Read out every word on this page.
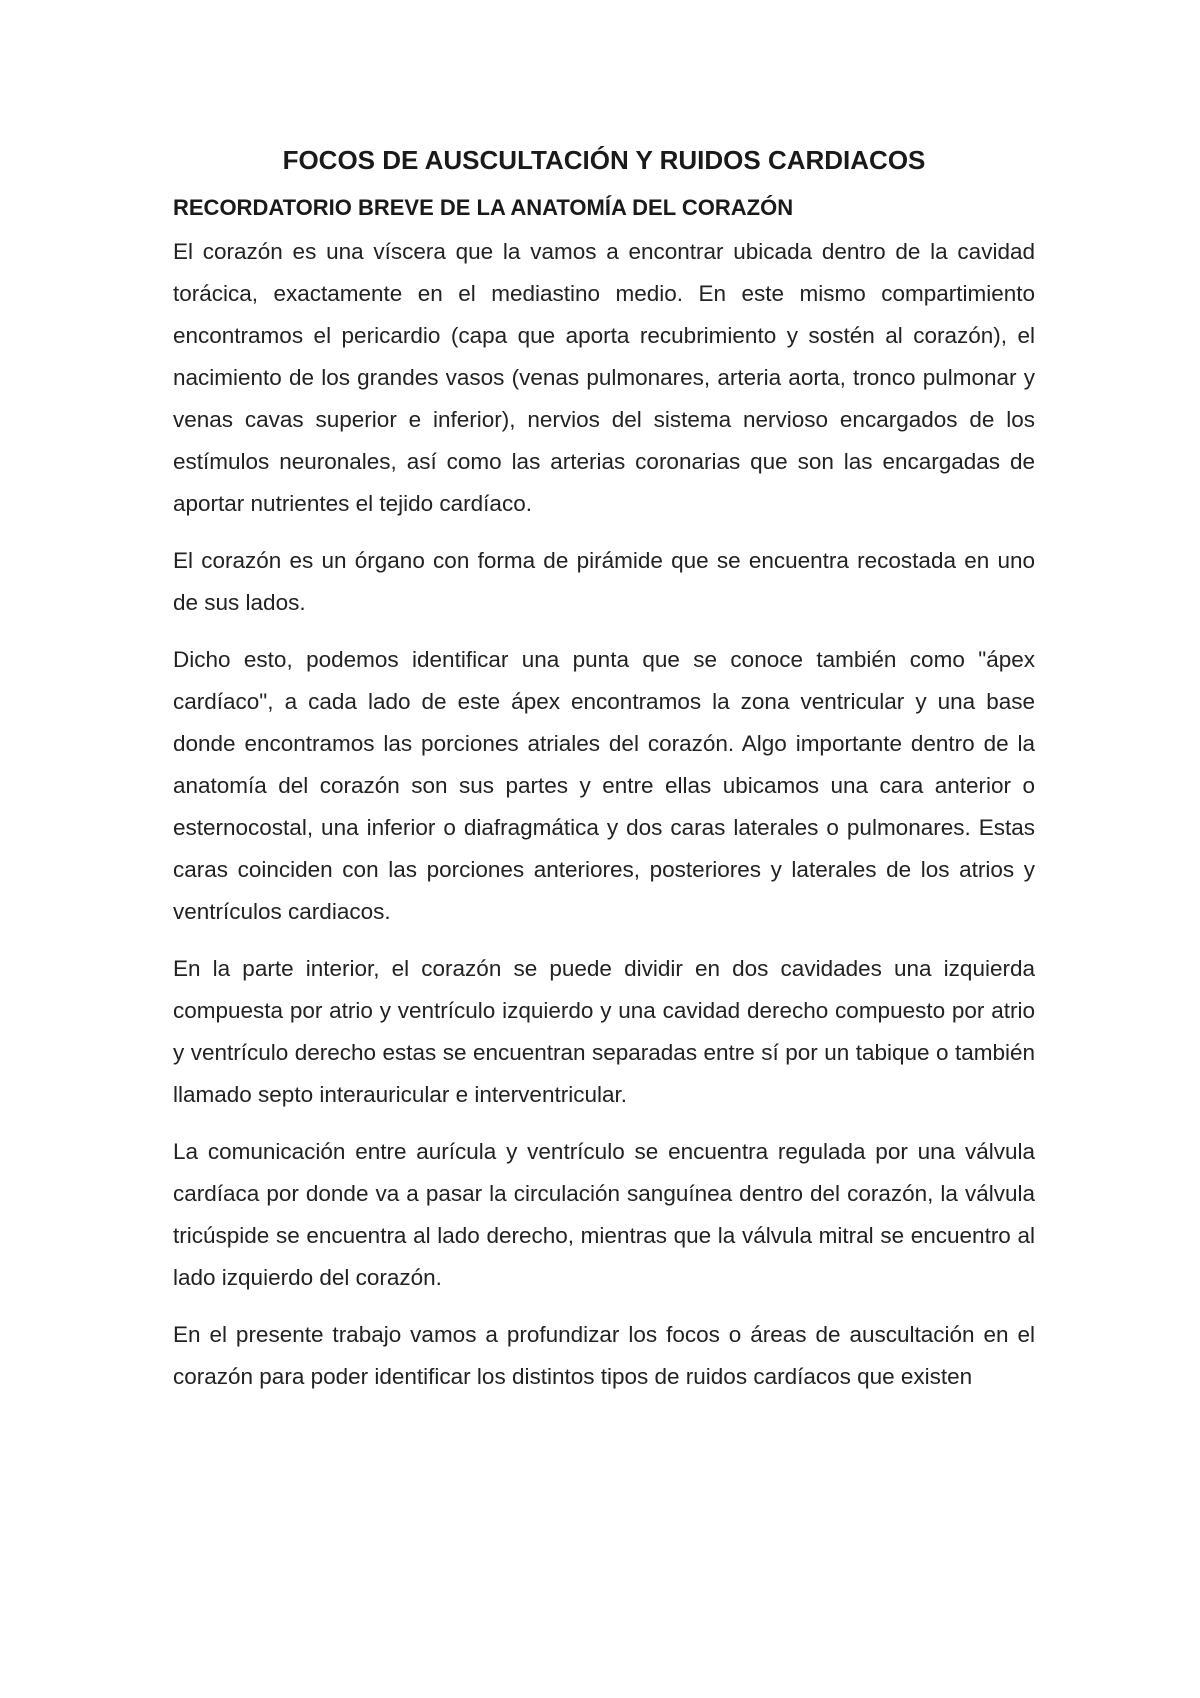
FOCOS DE AUSCULTACIÓN Y RUIDOS CARDIACOS
RECORDATORIO BREVE DE LA ANATOMÍA DEL CORAZÓN

El corazón es una víscera que la vamos a encontrar ubicada dentro de la cavidad torácica, exactamente en el mediastino medio. En este mismo compartimiento encontramos el pericardio (capa que aporta recubrimiento y sostén al corazón), el nacimiento de los grandes vasos (venas pulmonares, arteria aorta, tronco pulmonar y venas cavas superior e inferior), nervios del sistema nervioso encargados de los estímulos neuronales, así como las arterias coronarias que son las encargadas de aportar nutrientes el tejido cardíaco.

El corazón es un órgano con forma de pirámide que se encuentra recostada en uno de sus lados.

Dicho esto, podemos identificar una punta que se conoce también como "ápex cardíaco", a cada lado de este ápex encontramos la zona ventricular y una base donde encontramos las porciones atriales del corazón. Algo importante dentro de la anatomía del corazón son sus partes y entre ellas ubicamos una cara anterior o esternocostal, una inferior o diafragmática y dos caras laterales o pulmonares. Estas caras coinciden con las porciones anteriores, posteriores y laterales de los atrios y ventrículos cardiacos.

En la parte interior, el corazón se puede dividir en dos cavidades una izquierda compuesta por atrio y ventrículo izquierdo y una cavidad derecho compuesto por atrio y ventrículo derecho estas se encuentran separadas entre sí por un tabique o también llamado septo interauricular e interventricular.

La comunicación entre aurícula y ventrículo se encuentra regulada por una válvula cardíaca por donde va a pasar la circulación sanguínea dentro del corazón, la válvula tricúspide se encuentra al lado derecho, mientras que la válvula mitral se encuentro al lado izquierdo del corazón.

En el presente trabajo vamos a profundizar los focos o áreas de auscultación en el corazón para poder identificar los distintos tipos de ruidos cardíacos que existen
